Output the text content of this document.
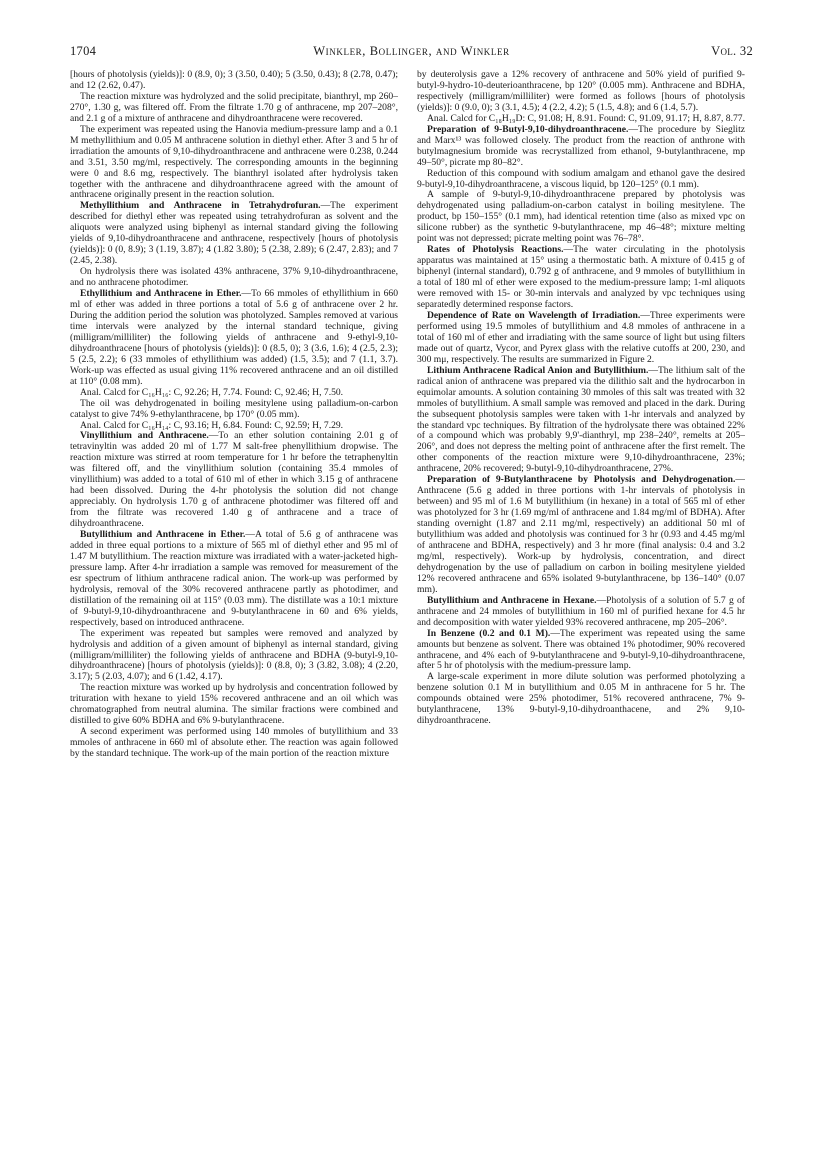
1704	Winkler, Bollinger, and Winkler	Vol. 32

[hours of photolysis (yields)]: 0 (8.9, 0); 3 (3.50, 0.40); 5 (3.50, 0.43); 8 (2.78, 0.47); and 12 (2.62, 0.47).

The reaction mixture was hydrolyzed and the solid precipitate, bianthryl, mp 260–270°, 1.30 g, was filtered off. From the filtrate 1.70 g of anthracene, mp 207–208°, and 2.1 g of a mixture of anthracene and dihydroanthracene were recovered.

The experiment was repeated using the Hanovia medium-pressure lamp and a 0.1 M methyllithium and 0.05 M anthracene solution in diethyl ether. After 3 and 5 hr of irradiation the amounts of 9,10-dihydroanthracene and anthracene were 0.238, 0.244 and 3.51, 3.50 mg/ml, respectively. The corresponding amounts in the beginning were 0 and 8.6 mg, respectively. The bianthryl isolated after hydrolysis taken together with the anthracene and dihydroanthracene agreed with the amount of anthracene originally present in the reaction solution.

Methyllithium and Anthracene in Tetrahydrofuran.—The experiment described for diethyl ether was repeated using tetrahydrofuran as solvent and the aliquots were analyzed using biphenyl as internal standard giving the following yields of 9,10-dihydroanthracene and anthracene, respectively [hours of photolysis (yields)]: 0 (0, 8.9); 3 (1.19, 3.87); 4 (1.82 3.80); 5 (2.38, 2.89); 6 (2.47, 2.83); and 7 (2.45, 2.38).

On hydrolysis there was isolated 43% anthracene, 37% 9,10-dihydroanthracene, and no anthracene photodimer.

Ethyllithium and Anthracene in Ether.—To 66 mmoles of ethyllithium in 660 ml of ether was added in three portions a total of 5.6 g of anthracene over 2 hr. During the addition period the solution was photolyzed. Samples removed at various time intervals were analyzed by the internal standard technique, giving (milligram/milliliter) the following yields of anthracene and 9-ethyl-9,10-dihydroanthracene [hours of photolysis (yields)]: 0 (8.5, 0); 3 (3.6, 1.6); 4 (2.5, 2.3); 5 (2.5, 2.2); 6 (33 mmoles of ethyllithium was added) (1.5, 3.5); and 7 (1.1, 3.7). Work-up was effected as usual giving 11% recovered anthracene and an oil distilled at 110° (0.08 mm).

Anal. Calcd for C₁₆H₁₆: C, 92.26; H, 7.74. Found: C, 92.46; H, 7.50.

The oil was dehydrogenated in boiling mesitylene using palladium-on-carbon catalyst to give 74% 9-ethylanthracene, bp 170° (0.05 mm).

Anal. Calcd for C₁₆H₁₄: C, 93.16; H, 6.84. Found: C, 92.59; H, 7.29.

Vinyllithium and Anthracene.—To an ether solution containing 2.01 g of tetravinyltin was added 20 ml of 1.77 M salt-free phenyllithium dropwise. The reaction mixture was stirred at room temperature for 1 hr before the tetraphenyltin was filtered off, and the vinyllithium solution (containing 35.4 mmoles of vinyllithium) was added to a total of 610 ml of ether in which 3.15 g of anthracene had been dissolved. During the 4-hr photolysis the solution did not change appreciably. On hydrolysis 1.70 g of anthracene photodimer was filtered off and from the filtrate was recovered 1.40 g of anthracene and a trace of dihydroanthracene.

Butyllithium and Anthracene in Ether.—A total of 5.6 g of anthracene was added in three equal portions to a mixture of 565 ml of diethyl ether and 95 ml of 1.47 M butyllithium. The reaction mixture was irradiated with a water-jacketed high-pressure lamp. After 4-hr irradiation a sample was removed for measurement of the esr spectrum of lithium anthracene radical anion. The work-up was performed by hydrolysis, removal of the 30% recovered anthracene partly as photodimer, and distillation of the remaining oil at 115° (0.03 mm). The distillate was a 10:1 mixture of 9-butyl-9,10-dihydroanthracene and 9-butylanthracene in 60 and 6% yields, respectively, based on introduced anthracene.

The experiment was repeated but samples were removed and analyzed by hydrolysis and addition of a given amount of biphenyl as internal standard, giving (milligram/milliliter) the following yields of anthracene and BDHA (9-butyl-9,10-dihydroanthracene) [hours of photolysis (yields)]: 0 (8.8, 0); 3 (3.82, 3.08); 4 (2.20, 3.17); 5 (2.03, 4.07); and 6 (1.42, 4.17).

The reaction mixture was worked up by hydrolysis and concentration followed by trituration with hexane to yield 15% recovered anthracene and an oil which was chromatographed from neutral alumina. The similar fractions were combined and distilled to give 60% BDHA and 6% 9-butylanthracene.

A second experiment was performed using 140 mmoles of butyllithium and 33 mmoles of anthracene in 660 ml of absolute ether. The reaction was again followed by the standard technique. The work-up of the main portion of the reaction mixture

by deuterolysis gave a 12% recovery of anthracene and 50% yield of purified 9-butyl-9-hydro-10-deuterioanthracene, bp 120° (0.005 mm). Anthracene and BDHA, respectively (milligram/milliliter) were formed as follows [hours of photolysis (yields)]: 0 (9.0, 0); 3 (3.1, 4.5); 4 (2.2, 4.2); 5 (1.5, 4.8); and 6 (1.4, 5.7).

Anal. Calcd for C₁₈H₁₉D: C, 91.08; H, 8.91. Found: C, 91.09, 91.17; H, 8.87, 8.77.

Preparation of 9-Butyl-9,10-dihydroanthracene.—The procedure by Sieglitz and Marx¹³ was followed closely. The product from the reaction of anthrone with butylmagnesium bromide was recrystallized from ethanol, 9-butylanthracene, mp 49–50°, picrate mp 80–82°.

Reduction of this compound with sodium amalgam and ethanol gave the desired 9-butyl-9,10-dihydroanthracene, a viscous liquid, bp 120–125° (0.1 mm).

A sample of 9-butyl-9,10-dihydroanthracene prepared by photolysis was dehydrogenated using palladium-on-carbon catalyst in boiling mesitylene. The product, bp 150–155° (0.1 mm), had identical retention time (also as mixed vpc on silicone rubber) as the synthetic 9-butylanthracene, mp 46–48°; mixture melting point was not depressed; picrate melting point was 76–78°.

Rates of Photolysis Reactions.—The water circulating in the photolysis apparatus was maintained at 15° using a thermostatic bath. A mixture of 0.415 g of biphenyl (internal standard), 0.792 g of anthracene, and 9 mmoles of butyllithium in a total of 180 ml of ether were exposed to the medium-pressure lamp; 1-ml aliquots were removed with 15- or 30-min intervals and analyzed by vpc techniques using separatedly determined response factors.

Dependence of Rate on Wavelength of Irradiation.—Three experiments were performed using 19.5 mmoles of butyllithium and 4.8 mmoles of anthracene in a total of 160 ml of ether and irradiating with the same source of light but using filters made out of quartz, Vycor, and Pyrex glass with the relative cutoffs at 200, 230, and 300 mμ, respectively. The results are summarized in Figure 2.

Lithium Anthracene Radical Anion and Butyllithium.—The lithium salt of the radical anion of anthracene was prepared via the dilithio salt and the hydrocarbon in equimolar amounts. A solution containing 30 mmoles of this salt was treated with 32 mmoles of butyllithium. A small sample was removed and placed in the dark. During the subsequent photolysis samples were taken with 1-hr intervals and analyzed by the standard vpc techniques. By filtration of the hydrolysate there was obtained 22% of a compound which was probably 9,9'-dianthryl, mp 238–240°, remelts at 205–206°, and does not depress the melting point of anthracene after the first remelt. The other components of the reaction mixture were 9,10-dihydroanthracene, 23%; anthracene, 20% recovered; 9-butyl-9,10-dihydroanthracene, 27%.

Preparation of 9-Butylanthracene by Photolysis and Dehydrogenation.—Anthracene (5.6 g added in three portions with 1-hr intervals of photolysis in between) and 95 ml of 1.6 M butyllithium (in hexane) in a total of 565 ml of ether was photolyzed for 3 hr (1.69 mg/ml of anthracene and 1.84 mg/ml of BDHA). After standing overnight (1.87 and 2.11 mg/ml, respectively) an additional 50 ml of butyllithium was added and photolysis was continued for 3 hr (0.93 and 4.45 mg/ml of anthracene and BDHA, respectively) and 3 hr more (final analysis: 0.4 and 3.2 mg/ml, respectively). Work-up by hydrolysis, concentration, and direct dehydrogenation by the use of palladium on carbon in boiling mesitylene yielded 12% recovered anthracene and 65% isolated 9-butylanthracene, bp 136–140° (0.07 mm).

Butyllithium and Anthracene in Hexane.—Photolysis of a solution of 5.7 g of anthracene and 24 mmoles of butyllithium in 160 ml of purified hexane for 4.5 hr and decomposition with water yielded 93% recovered anthracene, mp 205–206°.

In Benzene (0.2 and 0.1 M).—The experiment was repeated using the same amounts but benzene as solvent. There was obtained 1% photodimer, 90% recovered anthracene, and 4% each of 9-butylanthracene and 9-butyl-9,10-dihydroanthracene, after 5 hr of photolysis with the medium-pressure lamp.

A large-scale experiment in more dilute solution was performed photolyzing a benzene solution 0.1 M in butyllithium and 0.05 M in anthracene for 5 hr. The compounds obtained were 25% photodimer, 51% recovered anthracene, 7% 9-butylanthracene, 13% 9-butyl-9,10-dihydroanthacene, and 2% 9,10-dihydroanthracene.
